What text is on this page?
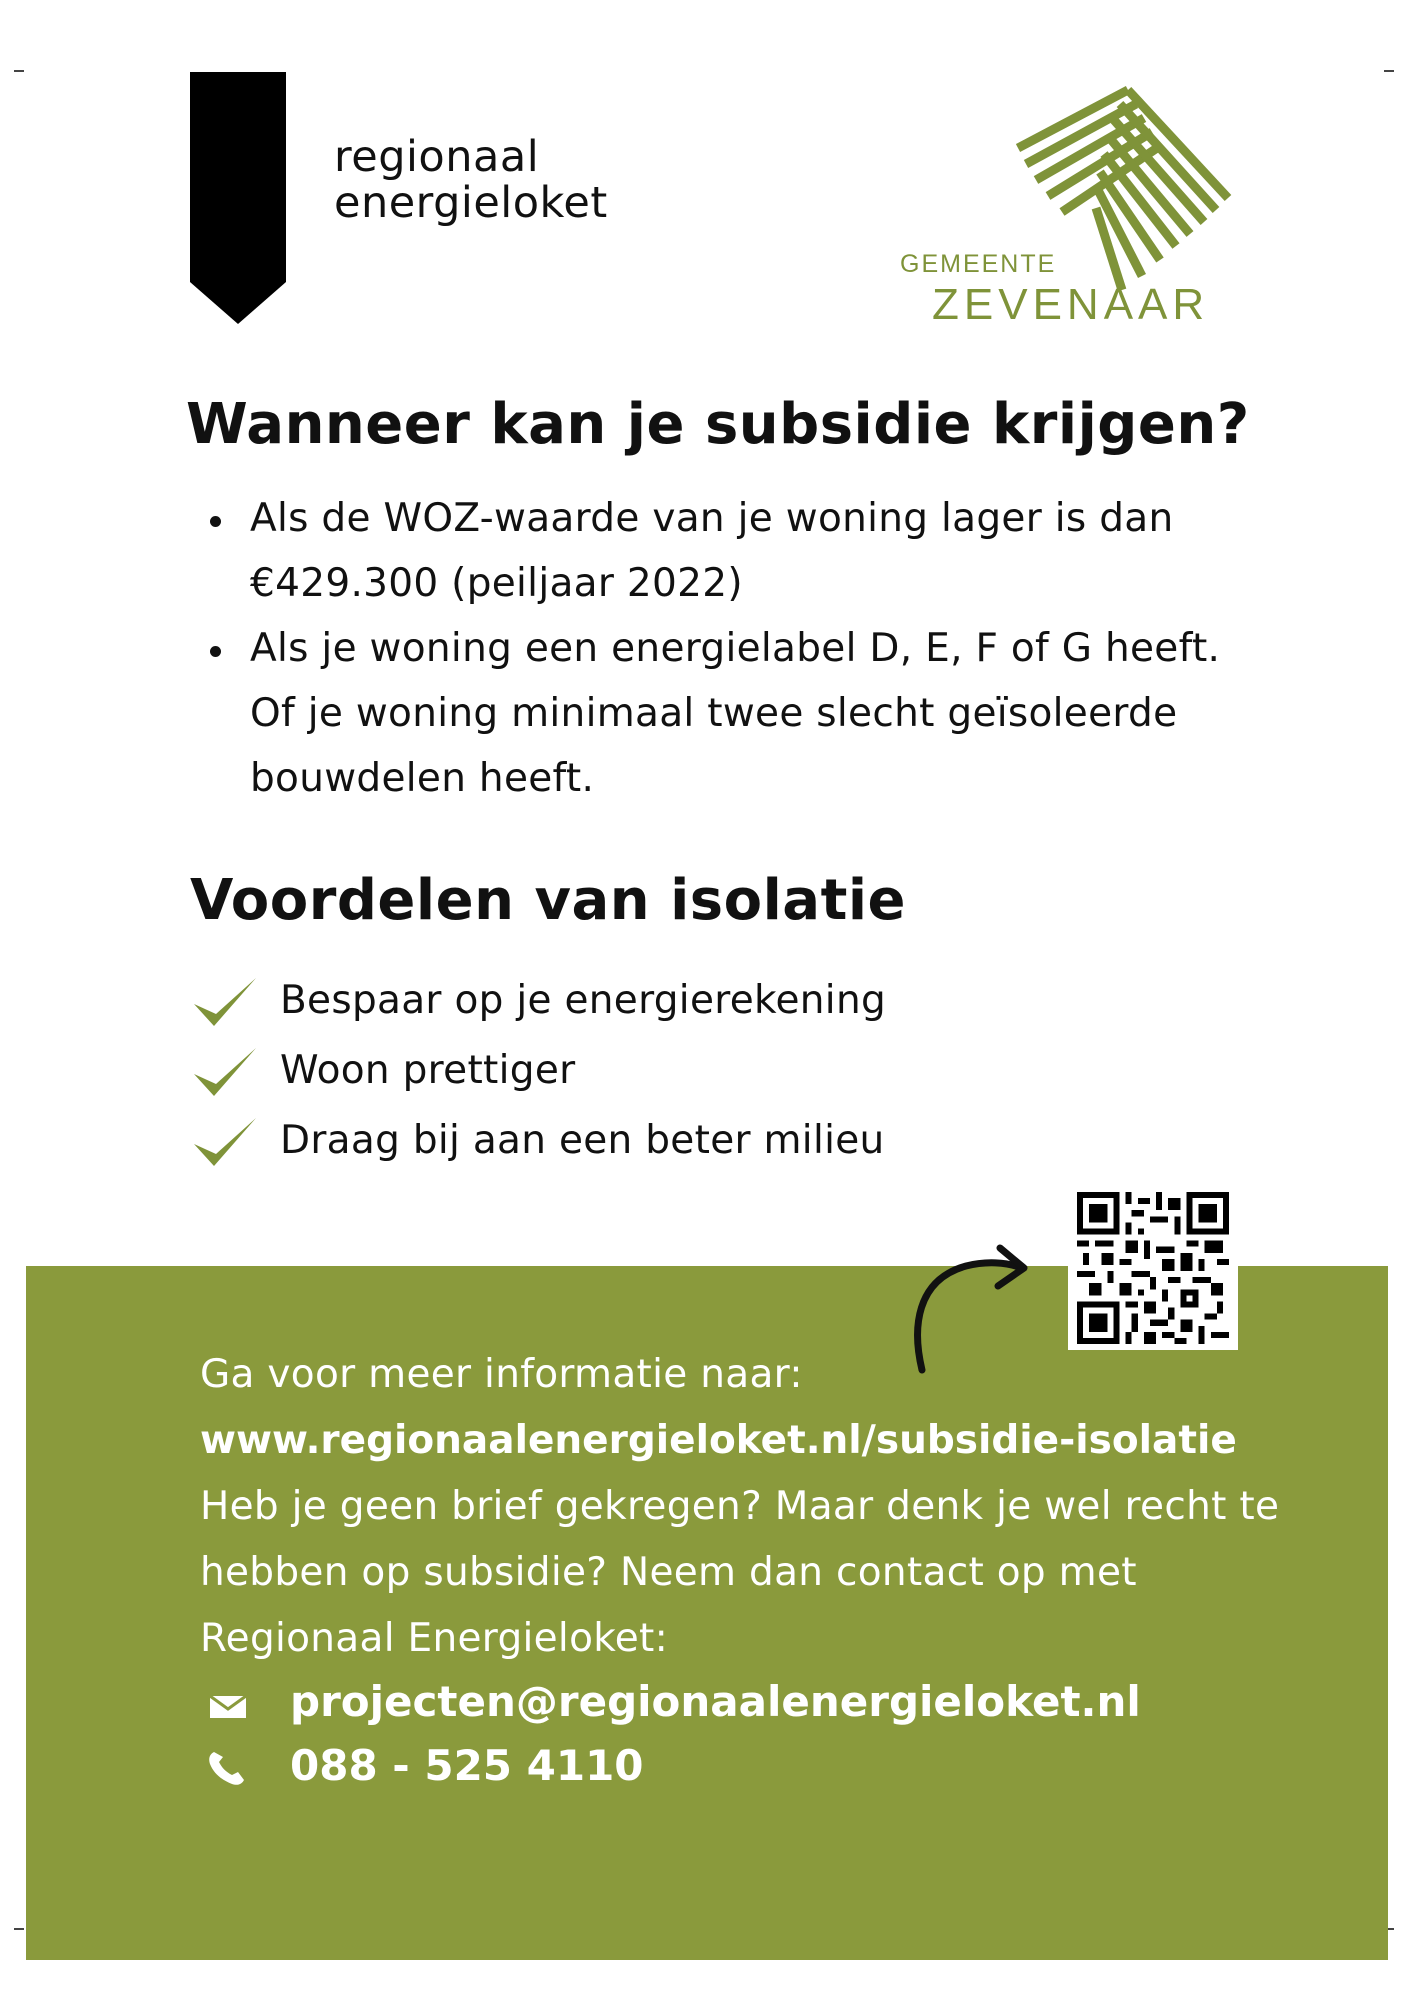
regionaal
energieloket
GEMEENTE
ZEVENAAR
Wanneer kan je subsidie krijgen?
Als de WOZ-waarde van je woning lager is dan €429.300 (peiljaar 2022)
Als je woning een energielabel D, E, F of G heeft. Of je woning minimaal twee slecht geïsoleerde bouwdelen heeft.
Voordelen van isolatie
Bespaar op je energierekening
Woon prettiger
Draag bij aan een beter milieu
Ga voor meer informatie naar:
www.regionaalenergieloket.nl/subsidie-isolatie
Heb je geen brief gekregen? Maar denk je wel recht te hebben op subsidie? Neem dan contact op met Regionaal Energieloket:
projecten@regionaalenergieloket.nl
088 - 525 4110
